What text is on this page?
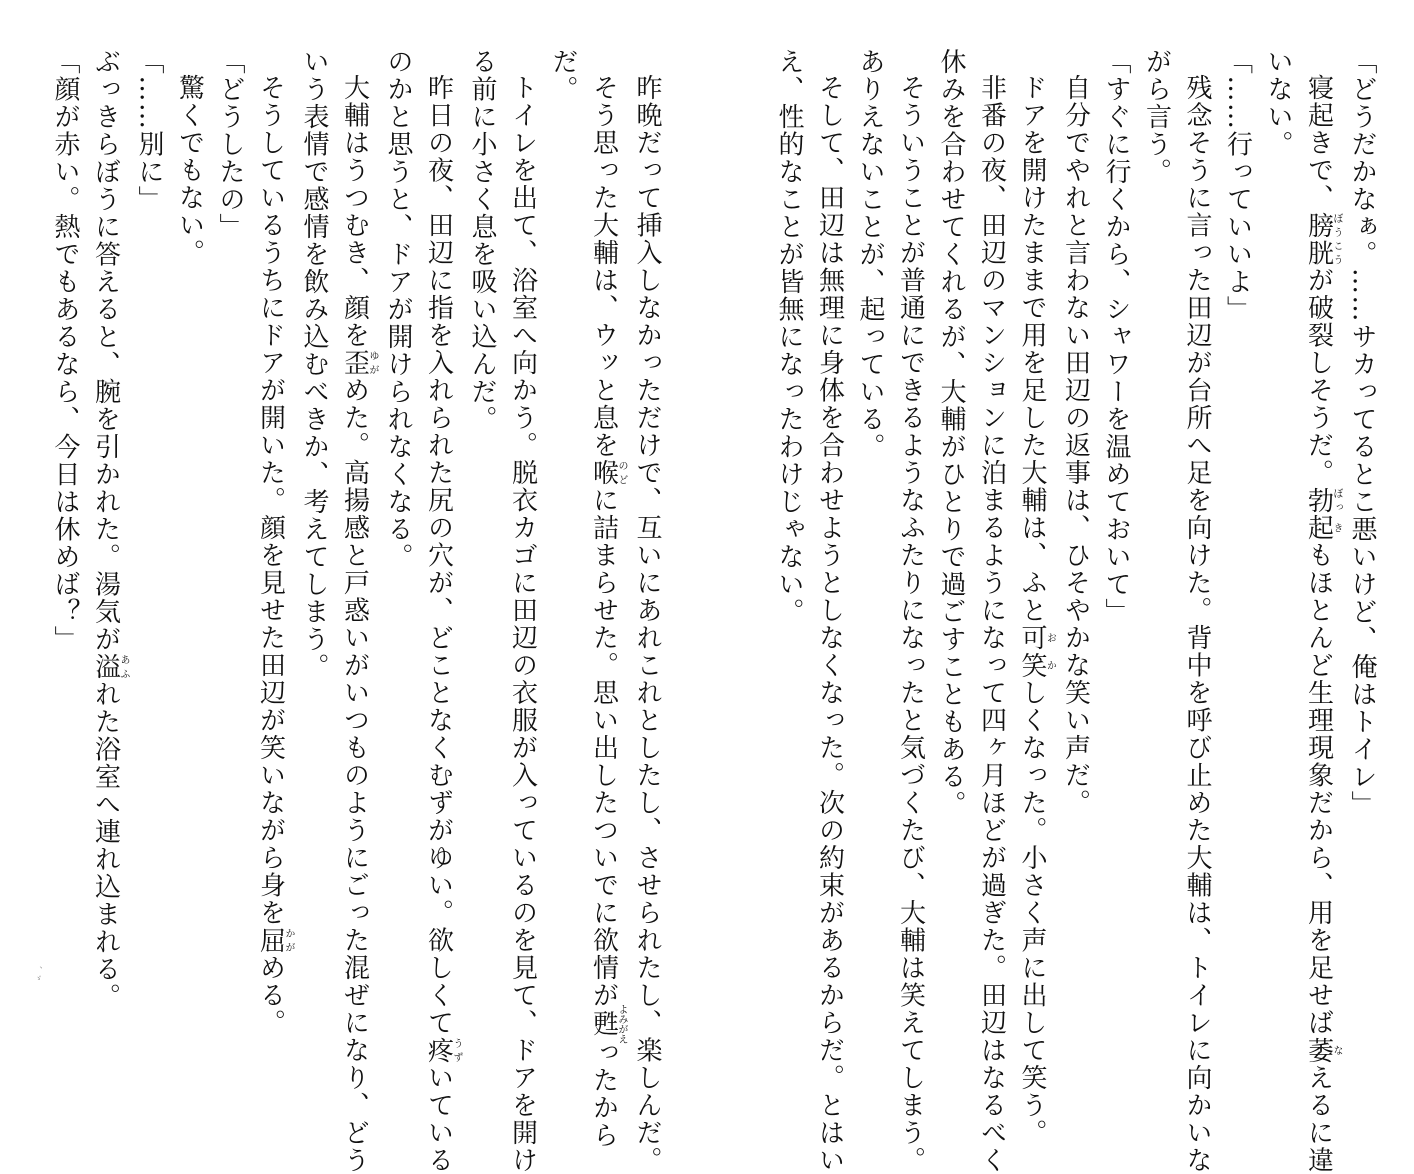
「どうだかなぁ。……サカってるとこ悪いけど、俺はトイレ」
寝起きで、膀胱ぼうこうが破裂しそうだ。勃ぼっ起きもほとんど生理現象だから、用を足せば萎なえるに違
いない。
「……行っていいよ」
残念そうに言った田辺が台所へ足を向けた。背中を呼び止めた大輔は、トイレに向かいな
がら言う。
「すぐに行くから、シャワーを温めておいて」
自分でやれと言わない田辺の返事は、ひそやかな笑い声だ。
ドアを開けたままで用を足した大輔は、ふと可お笑かしくなった。小さく声に出して笑う。
非番の夜、田辺のマンションに泊まるようになって四ヶ月ほどが過ぎた。田辺はなるべく
休みを合わせてくれるが、大輔がひとりで過ごすこともある。
そういうことが普通にできるようなふたりになったと気づくたび、大輔は笑えてしまう。
ありえないことが、起っている。
そして、田辺は無理に身体を合わせようとしなくなった。次の約束があるからだ。とはい
え、性的なことが皆無になったわけじゃない。
昨晩だって挿入しなかっただけで、互いにあれこれとしたし、させられたし、楽しんだ。
そう思った大輔は、ウッと息を喉のどに詰まらせた。思い出したついでに欲情が甦よみがえったから
だ。
トイレを出て、浴室へ向かう。脱衣カゴに田辺の衣服が入っているのを見て、ドアを開け
る前に小さく息を吸い込んだ。
昨日の夜、田辺に指を入れられた尻の穴が、どことなくむずがゆい。欲しくて疼うずいている
のかと思うと、ドアが開けられなくなる。
大輔はうつむき、顔を歪ゆがめた。高揚感と戸惑いがいつものようにごった混ぜになり、どう
いう表情で感情を飲み込むべきか、考えてしまう。
そうしているうちにドアが開いた。顔を見せた田辺が笑いながら身を屈かがめる。
「どうしたの」
驚くでもない。
「……別に」
ぶっきらぼうに答えると、腕を引かれた。湯気が溢あふれた浴室へ連れ込まれる。
「顔が赤い。熱でもあるなら、今日は休めば？」
、ゞ
